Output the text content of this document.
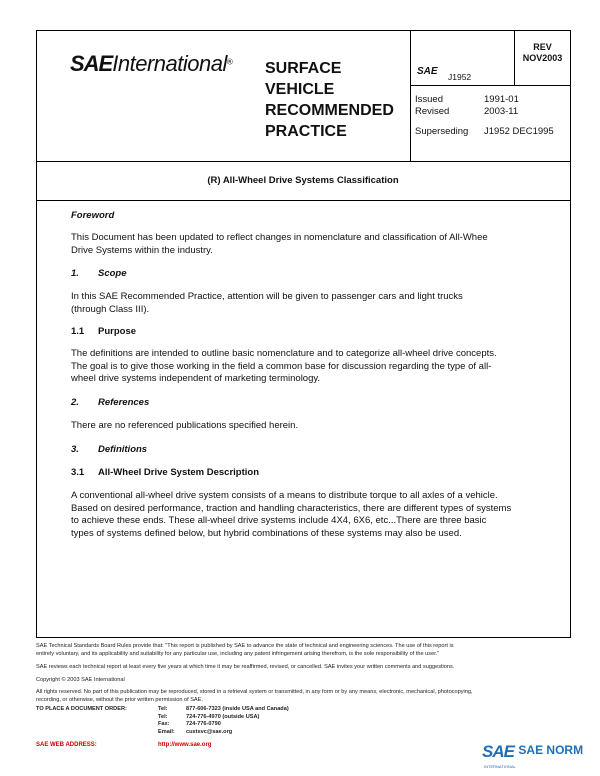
SAEInternational® SURFACE
VEHICLE
RECOMMENDED
PRACTICE
SAE J1952
REV
NOV2003
Issued	1991-01
Revised	2003-11
Superseding J1952 DEC1995
(R) All-Wheel Drive Systems Classification
Foreword
This Document has been updated to reflect changes in nomenclature and classification of All-Whee
Drive Systems within the industry.
1. Scope
In this SAE Recommended Practice, attention will be given to passenger cars and light trucks
(through Class III).
1.1 Purpose
The definitions are intended to outline basic nomenclature and to categorize all-wheel drive concepts.
The goal is to give those working in the field a common base for discussion regarding the type of all-
wheel drive systems independent of marketing terminology.
2. References
There are no referenced publications specified herein.
3. Definitions
3.1 All-Wheel Drive System Description
A conventional all-wheel drive system consists of a means to distribute torque to all axles of a vehicle.
Based on desired performance, traction and handling characteristics, there are different types of systems
to achieve these ends. These all-wheel drive systems include 4X4, 6X6, etc...There are three basic
types of systems defined below, but hybrid combinations of these systems may also be used.
SAE Technical Standards Board Rules provide that: "This report is published by SAE to advance the state of technical and engineering sciences. The use of this report is
entirely voluntary, and its applicability and suitability for any particular use, including any patent infringement arising therefrom, is the sole responsibility of the user."
SAE reviews each technical report at least every five years at which time it may be reaffirmed, revised, or cancelled. SAE invites your written comments and suggestions.
Copyright © 2003 SAE International
All rights reserved. No part of this publication may be reproduced, stored in a retrieval system or transmitted, in any form or by any means, electronic, mechanical, photocopying,
recording, or otherwise, without the prior written permission of SAE.
TO PLACE A DOCUMENT ORDER:	Tel:	877-606-7323 (inside USA and Canada)
Tel:	724-776-4970 (outside USA)
Fax:	724-776-0790
Email:	custsvc@sae.org
SAE WEB ADDRESS:	http://www.sae.org	SAE SAE NORM
INTERNATIONAL
